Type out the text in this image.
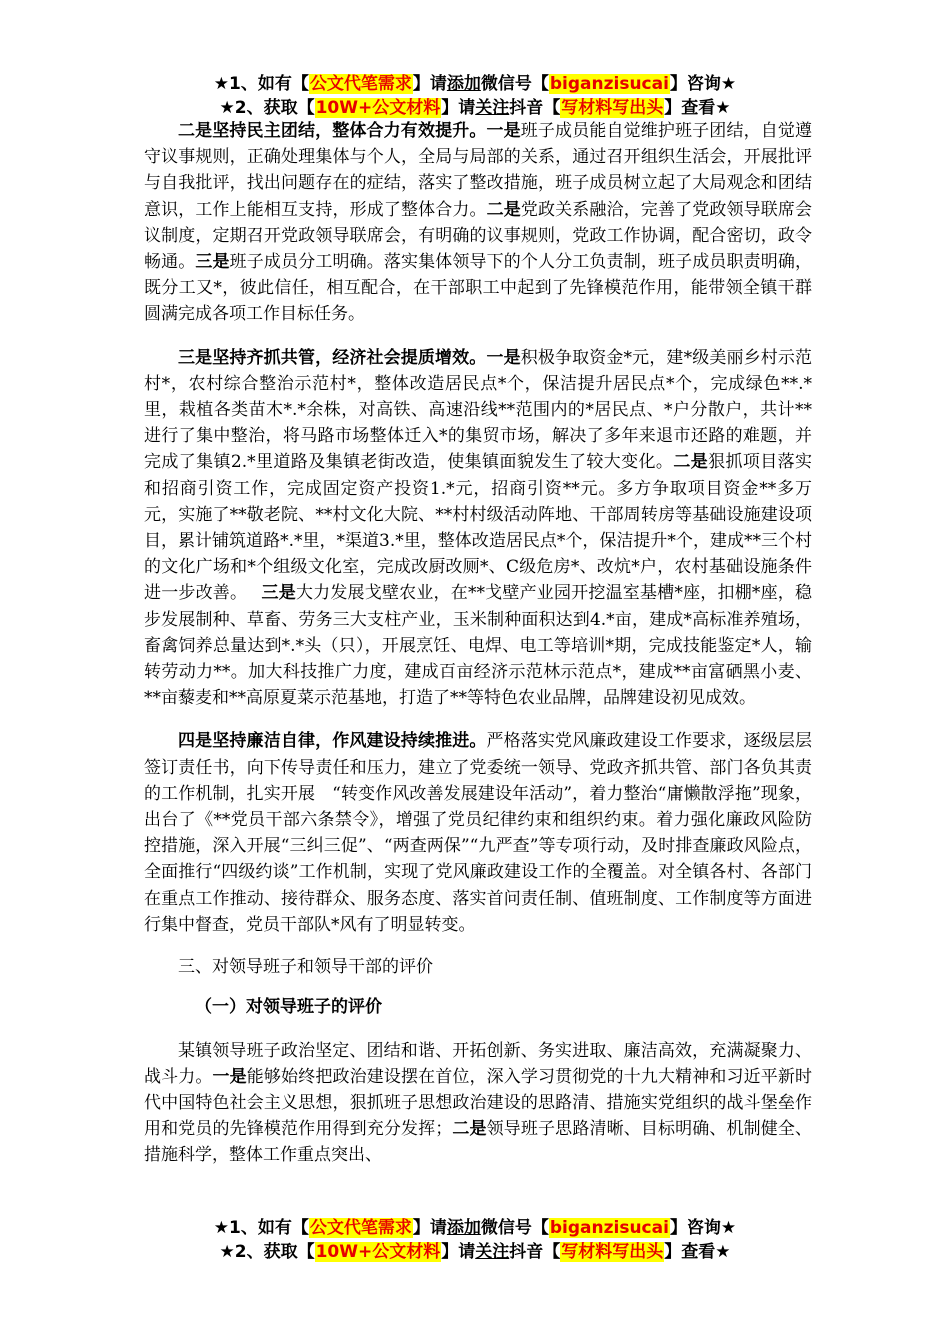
★1、如有【公文代笔需求】请添加微信号【biganzisucai】咨询★
★2、获取【10W+公文材料】请关注抖音【写材料写出头】查看★

二是坚持民主团结，整体合力有效提升。一是班子成员能自觉维护班子团结，自觉遵守议事规则，正确处理集体与个人，全局与局部的关系，通过召开组织生活会，开展批评与自我批评，找出问题存在的症结，落实了整改措施，班子成员树立起了大局观念和团结意识，工作上能相互支持，形成了整体合力。二是党政关系融洽，完善了党政领导联席会议制度，定期召开党政领导联席会，有明确的议事规则，党政工作协调，配合密切，政令畅通。三是班子成员分工明确。落实集体领导下的个人分工负责制，班子成员职责明确，既分工又*，彼此信任，相互配合，在干部职工中起到了先锋模范作用，能带领全镇干群圆满完成各项工作目标任务。

三是坚持齐抓共管，经济社会提质增效。一是积极争取资金*元，建*级美丽乡村示范村*，农村综合整治示范村*，整体改造居民点*个，保洁提升居民点*个，完成绿色**.*里，栽植各类苗木*.*余株，对高铁、高速沿线**范围内的*居民点、*户分散户，共计**进行了集中整治，将马路市场整体迁入*的集贸市场，解决了多年来退市还路的难题，并完成了集镇2.*里道路及集镇老街改造，使集镇面貌发生了较大变化。二是狠抓项目落实和招商引资工作，完成固定资产投资1.*元，招商引资**元。多方争取项目资金**多万元，实施了**敬老院、**村文化大院、**村村级活动阵地、干部周转房等基础设施建设项目，累计铺筑道路*.*里，*渠道3.*里，整体改造居民点*个，保洁提升*个，建成**三个村的文化广场和*个组级文化室，完成改厨改厕*、C级危房*、改炕*户，农村基础设施条件进一步改善。　 三是大力发展戈壁农业，在**戈壁产业园开挖温室基槽*座，扣棚*座，稳步发展制种、草畜、劳务三大支柱产业，玉米制种面积达到4.*亩，建成*高标准养殖场，畜禽饲养总量达到*.*头（只），开展烹饪、电焊、电工等培训*期，完成技能鉴定*人，输转劳动力**。加大科技推广力度，建成百亩经济示范林示范点*，建成**亩富硒黑小麦、**亩藜麦和**高原夏菜示范基地，打造了**等特色农业品牌，品牌建设初见成效。

四是坚持廉洁自律，作风建设持续推进。严格落实党风廉政建设工作要求，逐级层层签订责任书，向下传导责任和压力，建立了党委统一领导、党政齐抓共管、部门各负其责的工作机制，扎实开展　“转变作风改善发展建设年活动”，着力整治“庸懒散浮拖”现象，出台了《**党员干部六条禁令》，增强了党员纪律约束和组织约束。着力强化廉政风险防控措施，深入开展“三纠三促”、“两查两保”“九严查”等专项行动，及时排查廉政风险点，全面推行“四级约谈”工作机制，实现了党风廉政建设工作的全覆盖。对全镇各村、各部门在重点工作推动、接待群众、服务态度、落实首问责任制、值班制度、工作制度等方面进行集中督查，党员干部队*风有了明显转变。

三、对领导班子和领导干部的评价

（一）对领导班子的评价

某镇领导班子政治坚定、团结和谐、开拓创新、务实进取、廉洁高效，充满凝聚力、战斗力。一是能够始终把政治建设摆在首位，深入学习贯彻党的十九大精神和习近平新时代中国特色社会主义思想，狠抓班子思想政治建设的思路清、措施实党组织的战斗堡垒作用和党员的先锋模范作用得到充分发挥；二是领导班子思路清晰、目标明确、机制健全、措施科学，整体工作重点突出、

★1、如有【公文代笔需求】请添加微信号【biganzisucai】咨询★
★2、获取【10W+公文材料】请关注抖音【写材料写出头】查看★
